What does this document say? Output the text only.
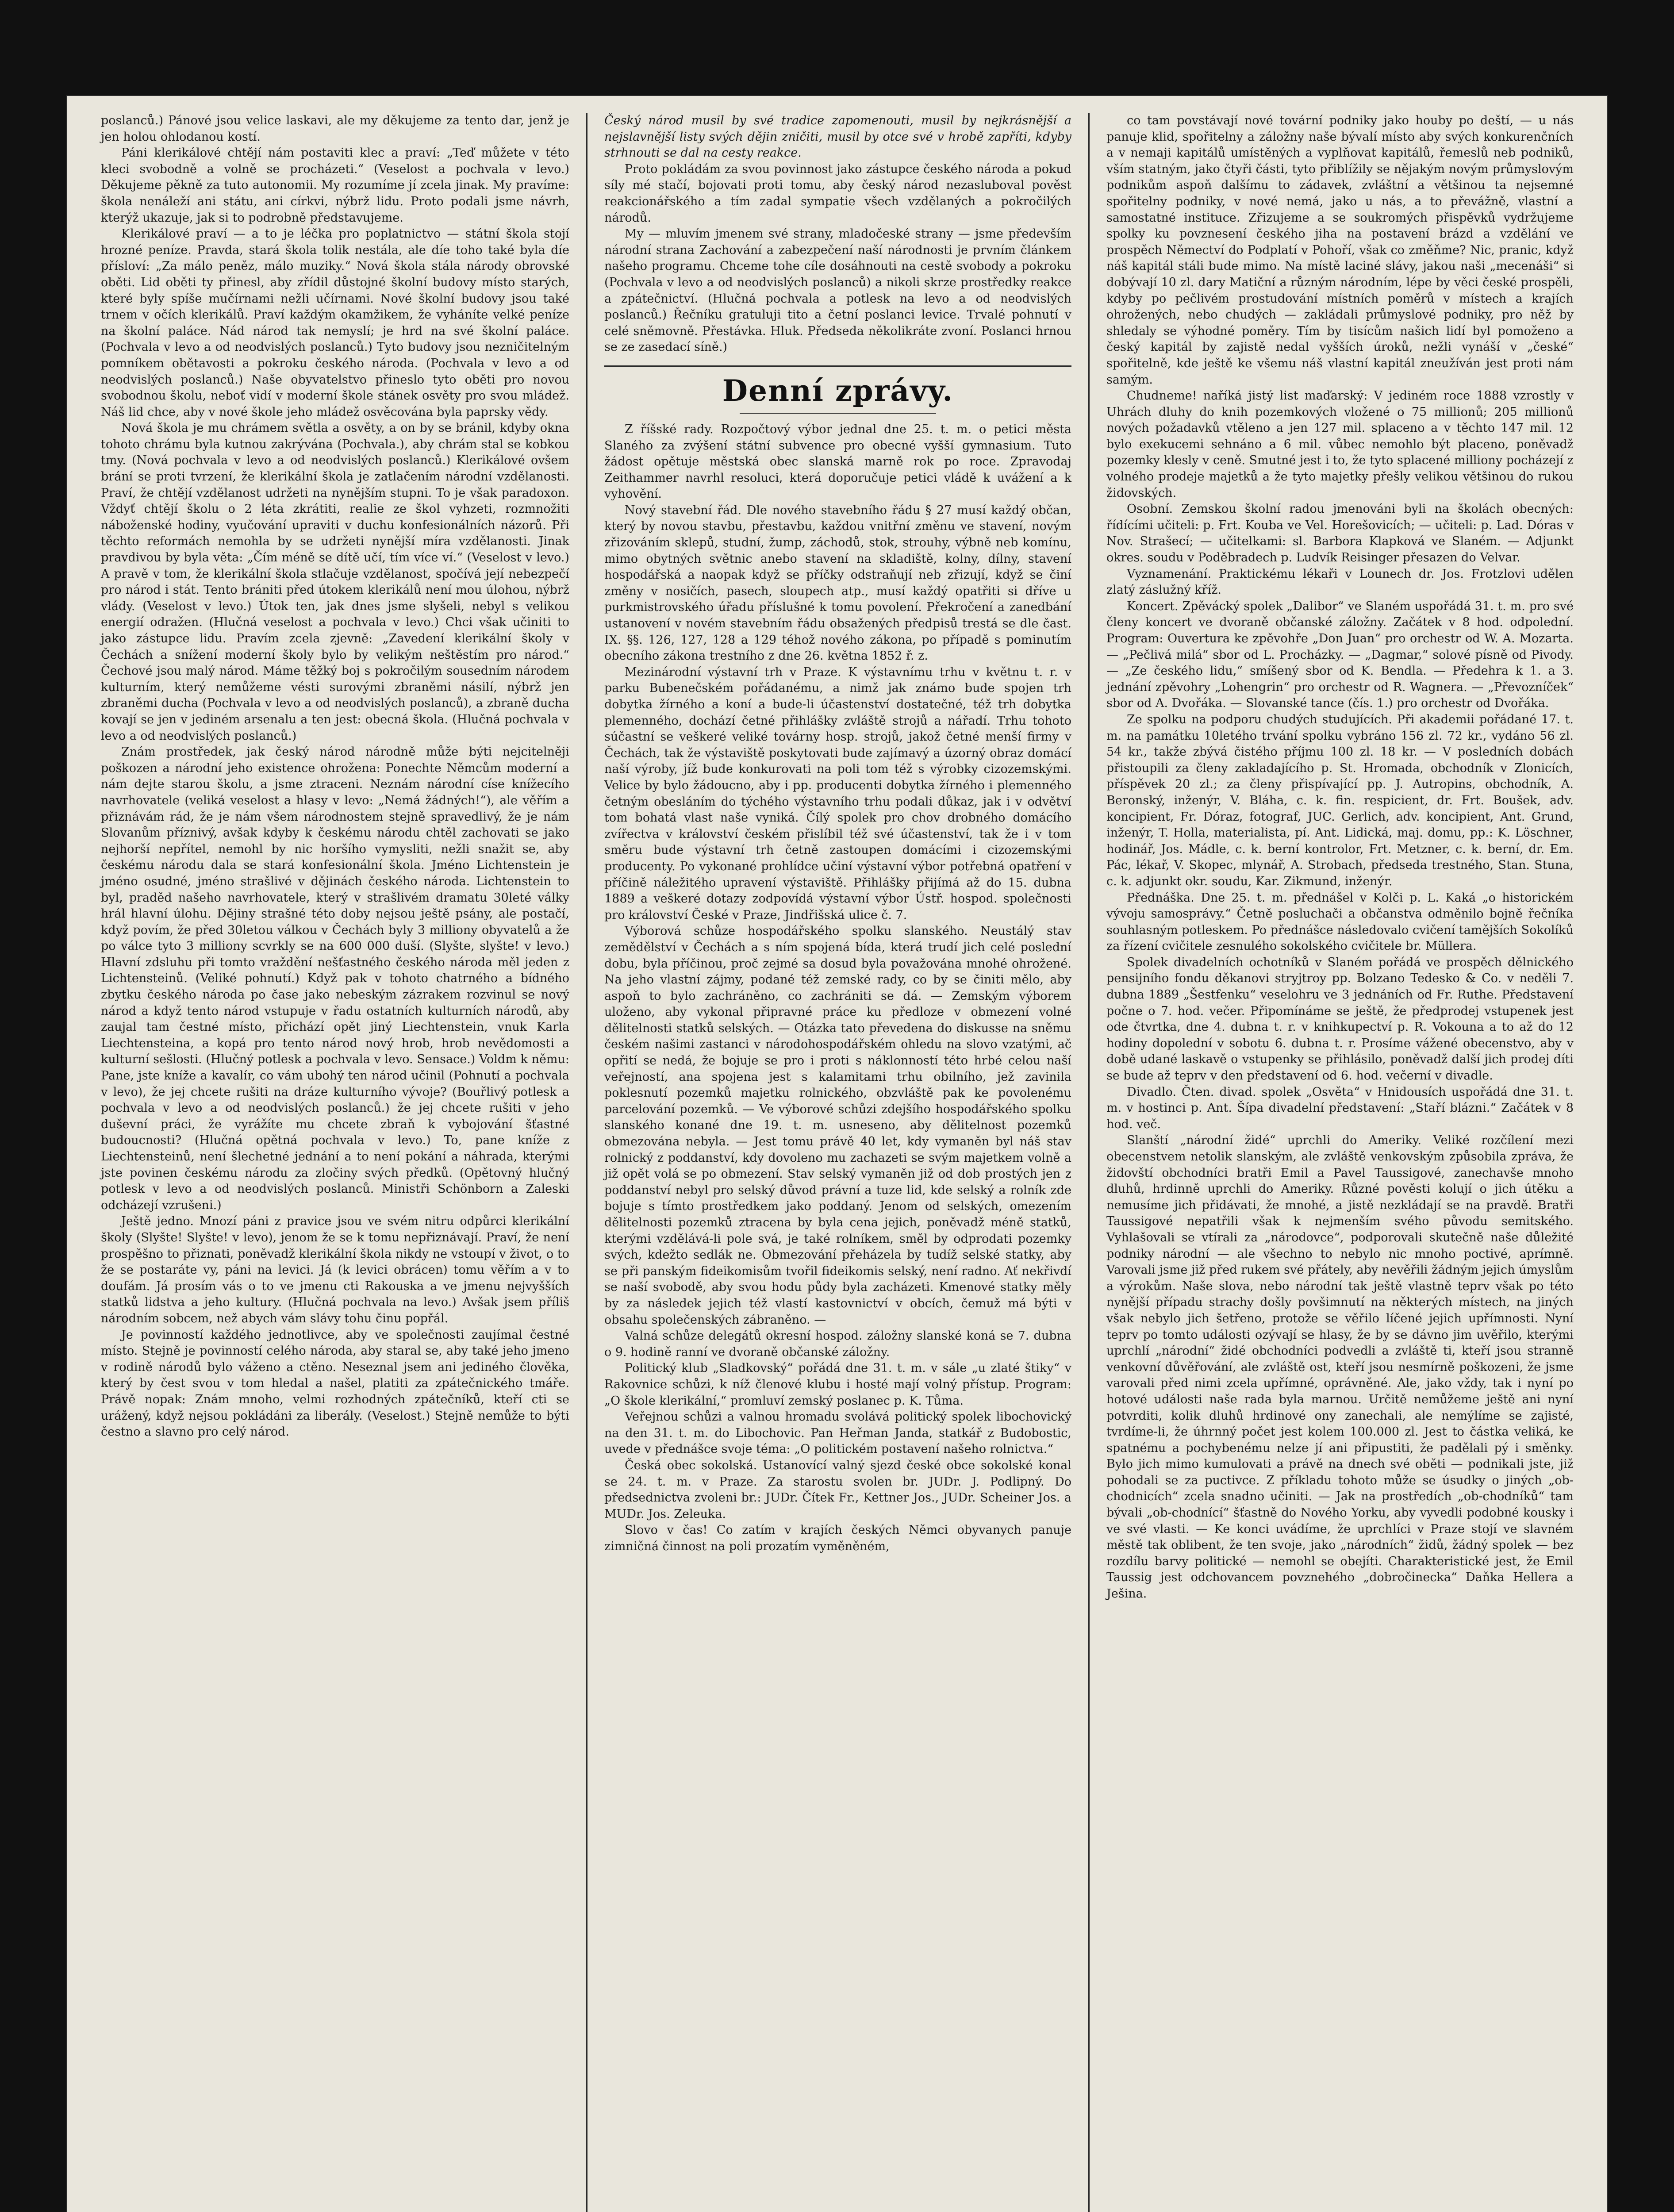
poslanců.) Pánové jsou velice laskavi, ale my děkujeme za tento dar, jenž je jen holou ohlodanou kostí.

Páni klerikálové chtějí nám postaviti klec a praví: „Teď můžete v této kleci svobodně a volně se procházeti.“ (Veselost a pochvala v levo.) Děkujeme pěkně za tuto autonomii. My rozumíme jí zcela jinak. My pravíme: škola nenáleží ani státu, ani církvi, nýbrž lidu. Proto podali jsme návrh, kterýž ukazuje, jak si to podrobně představujeme.

Klerikálové praví — a to je léčka pro poplatnictvo — státní škola stojí hrozné peníze. Pravda, stará škola tolik nestála, ale díe toho také byla díe přísloví: „Za málo peněz, málo muziky.“ Nová škola stála národy obrovské oběti. Lid oběti ty přinesl, aby zřídil důstojné školní budovy místo starých, které byly spíše mučírnami nežli učírnami. Nové školní budovy jsou také trnem v očích klerikálů. Praví každým okamžikem, že vyháníte velké peníze na školní paláce. Nád národ tak nemyslí; je hrd na své školní paláce. (Pochvala v levo a od neodvislých poslanců.) Tyto budovy jsou nezničitelným pomníkem obětavosti a pokroku českého národa. (Pochvala v levo a od neodvislých poslanců.) Naše obyvatelstvo přineslo tyto oběti pro novou svobodnou školu, neboť vidí v moderní škole stánek osvěty pro svou mládež. Náš lid chce, aby v nové škole jeho mládež osvěcována byla paprsky vědy.

Nová škola je mu chrámem světla a osvěty, a on by se bránil, kdyby okna tohoto chrámu byla kutnou zakrývána (Pochvala.), aby chrám stal se kobkou tmy. (Nová pochvala v levo a od neodvislých poslanců.) Klerikálové ovšem brání se proti tvrzení, že klerikální škola je zatlačením národní vzdělanosti. Praví, že chtějí vzdělanost udržeti na nynějším stupni. To je však paradoxon. Vždyť chtějí školu o 2 léta zkrátiti, realie ze škol vyhzeti, rozmnožiti náboženské hodiny, vyučování upraviti v duchu konfesionálních názorů. Při těchto reformách nemohla by se udržeti nynější míra vzdělanosti. Jinak pravdivou by byla věta: „Čím méně se dítě učí, tím více ví.“ (Veselost v levo.) A pravě v tom, že klerikální škola stlačuje vzdělanost, spočívá její nebezpečí pro národ i stát. Tento brániti před útokem klerikálů není mou úlohou, nýbrž vlády. (Veselost v levo.) Útok ten, jak dnes jsme slyšeli, nebyl s velikou energií odražen. (Hlučná veselost a pochvala v levo.) Chci však učiniti to jako zástupce lidu. Pravím zcela zjevně: „Zavedení klerikální školy v Čechách a snížení moderní školy bylo by velikým neštěstím pro národ.“ Čechové jsou malý národ. Máme těžký boj s pokročilým sousedním národem kulturním, který nemůžeme vésti surovými zbraněmi násilí, nýbrž jen zbraněmi ducha (Pochvala v levo a od neodvislých poslanců), a zbraně ducha kovají se jen v jediném arsenalu a ten jest: obecná škola. (Hlučná pochvala v levo a od neodvislých poslanců.)

Znám prostředek, jak český národ národně může býti nejcitelněji poškozen a národní jeho existence ohrožena: Ponechte Němcům moderní a nám dejte starou školu, a jsme ztraceni. Neznám národní císe knížecího navrhovatele (veliká veselost a hlasy v levo: „Nemá žádných!“), ale věřím a přiznávám rád, že je nám všem národnostem stejně spravedlivý, že je nám Slovanům příznivý, avšak kdyby k českému národu chtěl zachovati se jako nejhorší nepřítel, nemohl by nic horšího vymysliti, nežli snažit se, aby českému národu dala se stará konfesionální škola. Jméno Lichtenstein je jméno osudné, jméno strašlivé v dějinách českého národa. Lichtenstein to byl, praděd našeho navrhovatele, který v strašlivém dramatu 30leté války hrál hlavní úlohu. Dějiny strašné této doby nejsou ještě psány, ale postačí, když povím, že před 30letou válkou v Čechách byly 3 milliony obyvatelů a že po válce tyto 3 milliony scvrkly se na 600 000 duší. (Slyšte, slyšte! v levo.) Hlavní zdsluhu při tomto vraždění nešťastného českého národa měl jeden z Lichtensteinů. (Veliké pohnutí.) Když pak v tohoto chatrného a bídného zbytku českého národa po čase jako nebeským zázrakem rozvinul se nový národ a když tento národ vstupuje v řadu ostatních kulturních národů, aby zaujal tam čestné místo, přichází opět jiný Liechtenstein, vnuk Karla Liechtensteina, a kopá pro tento národ nový hrob, hrob nevědomosti a kulturní sešlosti. (Hlučný potlesk a pochvala v levo. Sensace.) Voldm k němu: Pane, jste kníže a kavalír, co vám ubohý ten národ učinil (Pohnutí a pochvala v levo), že jej chcete rušiti na dráze kulturního vývoje? (Bouřlivý potlesk a pochvala v levo a od neodvislých poslanců.) že jej chcete rušiti v jeho duševní práci, že vyrážíte mu chcete zbraň k vybojování šťastné budoucnosti? (Hlučná opětná pochvala v levo.) To, pane kníže z Liechtensteinů, není šlechetné jednání a to není pokání a náhrada, kterými jste povinen českému národu za zločiny svých předků. (Opětovný hlučný potlesk v levo a od neodvislých poslanců. Ministři Schönborn a Zaleski odcházejí vzrušeni.)

Ještě jedno. Mnozí páni z pravice jsou ve svém nitru odpůrci klerikální školy (Slyšte! Slyšte! v levo), jenom že se k tomu nepřiznávají. Praví, že není prospěšno to přiznati, poněvadž klerikální škola nikdy ne vstoupí v život, o to že se postaráte vy, páni na levici. Já (k levici obrácen) tomu věřím a v to doufám. Já prosím vás o to ve jmenu cti Rakouska a ve jmenu nejvyšších statků lidstva a jeho kultury. (Hlučná pochvala na levo.) Avšak jsem příliš národním sobcem, než abych vám slávy tohu činu popřál.

Je povinností každého jednotlivce, aby ve společnosti zaujímal čestné místo. Stejně je povinností celého národa, aby staral se, aby také jeho jmeno v rodině národů bylo váženo a ctěno. Neseznal jsem ani jediného člověka, který by čest svou v tom hledal a našel, platiti za zpátečnického tmáře. Právě nopak: Znám mnoho, velmi rozhodných zpátečníků, kteří cti se urážený, když nejsou pokládáni za liberály. (Veselost.) Stejně nemůže to býti čestno a slavno pro celý národ.

Český národ musil by své tradice zapomenouti, musil by nejkrásnější a nejslavnější listy svých dějin zničiti, musil by otce své v hrobě zapříti, kdyby strhnouti se dal na cesty reakce.

Proto pokládám za svou povinnost jako zástupce českého národa a pokud síly mé stačí, bojovati proti tomu, aby český národ nezasluboval pověst reakcionářského a tím zadal sympatie všech vzdělaných a pokročilých národů.

My — mluvím jmenem své strany, mladočeské strany — jsme především národní strana Zachování a zabezpečení naší národnosti je prvním článkem našeho programu. Chceme tohe cíle dosáhnouti na cestě svobody a pokroku (Pochvala v levo a od neodvislých poslanců) a nikoli skrze prostředky reakce a zpátečnictví. (Hlučná pochvala a potlesk na levo a od neodvislých poslanců.) Řečníku gratuluji tito a četní poslanci levice. Trvalé pohnutí v celé sněmovně. Přestávka. Hluk. Předseda několikráte zvoní. Poslanci hrnou se ze zasedací síně.)

Denní zprávy.

Z říšské rady. Rozpočtový výbor jednal dne 25. t. m. o petici města Slaného za zvýšení státní subvence pro obecné vyšší gymnasium. Tuto žádost opětuje městská obec slanská marně rok po roce. Zpravodaj Zeithammer navrhl resoluci, která doporučuje petici vládě k uvážení a k vyhovění.

Nový stavební řád. Dle nového stavebního řádu § 27 musí každý občan, který by novou stavbu, přestavbu, každou vnitřní změnu ve stavení, novým zřizováním sklepů, studní, žump, záchodů, stok, strouhy, výbně neb komínu, mimo obytných světnic anebo stavení na skladiště, kolny, dílny, stavení hospodářská a naopak když se příčky odstraňují neb zřizují, když se činí změny v nosičích, pasech, sloupech atp., musí každý opatřiti si dříve u purkmistrovského úřadu příslušné k tomu povolení. Překročení a zanedbání ustanovení v novém stavebním řádu obsažených předpisů trestá se dle čast. IX. §§. 126, 127, 128 a 129 téhož nového zákona, po případě s pominutím obecního zákona trestního z dne 26. května 1852 ř. z.

Mezinárodní výstavní trh v Praze. K výstavnímu trhu v květnu t. r. v parku Bubenečském pořádanému, a nimž jak známo bude spojen trh dobytka žírného a koní a bude-li účastenství dostatečné, též trh dobytka plemenného, dochází četné přihlášky zvláště strojů a nářadí. Trhu tohoto súčastní se veškeré veliké továrny hosp. strojů, jakož četné menší firmy v Čechách, tak že výstaviště poskytovati bude zajímavý a úzorný obraz domácí naší výroby, jíž bude konkurovati na poli tom též s výrobky cizozemskými. Velice by bylo žádoucno, aby i pp. producenti dobytka žírného i plemenného četným obesláním do týchého výstavního trhu podali důkaz, jak i v odvětví tom bohatá vlast naše vyniká. Čílý spolek pro chov drobného domácího zvířectva v království českém přislíbil též své účastenství, tak že i v tom směru bude výstavní trh četně zastoupen domácími i cizozemskými producenty. Po vykonané prohlídce učiní výstavní výbor potřebná opatření v příčině náležitého upravení výstaviště. Přihlášky přijímá až do 15. dubna 1889 a veškeré dotazy zodpovídá výstavní výbor Ústř. hospod. společnosti pro království České v Praze, Jindřišská ulice č. 7.

Výborová schůze hospodářského spolku slanského. Neustálý stav zemědělství v Čechách a s ním spojená bída, která trudí jich celé poslední dobu, byla příčinou, proč zejmé sa dosud byla považována mnohé ohrožené. Na jeho vlastní zájmy, podané též zemské rady, co by se činiti mělo, aby aspoň to bylo zachráněno, co zachrániti se dá. — Zemským výborem uloženo, aby vykonal připravné práce ku předloze v obmezení volné dělitelnosti statků selských. — Otázka tato převedena do diskusse na sněmu českém našimi zastanci v národohospodářském ohledu na slovo vzatými, ač opřití se nedá, že bojuje se pro i proti s náklonností této hrbé celou naší veřejností, ana spojena jest s kalamitami trhu obilního, jež zavinila poklesnutí pozemků majetku rolnického, obzvláště pak ke povolenému parcelování pozemků. — Ve výborové schůzi zdejšího hospodářského spolku slanského konané dne 19. t. m. usneseno, aby dělitelnost pozemků obmezována nebyla. — Jest tomu právě 40 let, kdy vymaněn byl náš stav rolnický z poddanství, kdy dovoleno mu zachazeti se svým majetkem volně a již opět volá se po obmezení. Stav selský vymaněn již od dob prostých jen z poddanství nebyl pro selský důvod právní a tuze lid, kde selský a rolník zde bojuje s tímto prostředkem jako poddaný. Jenom od selských, omezením dělitelnosti pozemků ztracena by byla cena jejich, poněvadž méně statků, kterými vzdělává-li pole svá, je také rolníkem, směl by odprodati pozemky svých, kdežto sedlák ne. Obmezování přeházela by tudíž selské statky, aby se při panským fideikomisům tvořil fideikomis selský, není radno. Ať nekřivdí se naší svobodě, aby svou hodu půdy byla zacházeti. Kmenové statky měly by za následek jejich též vlastí kastovnictví v obcích, čemuž má býti v obsahu společenských zábraněno. —

Valná schůze delegátů okresní hospod. záložny slanské koná se 7. dubna o 9. hodině ranní ve dvoraně občanské záložny.

Politický klub „Sladkovský“ pořádá dne 31. t. m. v sále „u zlaté štiky“ v Rakovnice schůzi, k níž členové klubu i hosté mají volný přístup. Program: „O škole klerikální,“ promluví zemský poslanec p. K. Tůma.

Veřejnou schůzi a valnou hromadu svolává politický spolek libochovický na den 31. t. m. do Libochovic. Pan Heřman Janda, statkář z Budobostic, uvede v přednášce svoje téma: „O politickém postavení našeho rolnictva.“

Česká obec sokolská. Ustanovící valný sjezd české obce sokolské konal se 24. t. m. v Praze. Za starostu svolen br. JUDr. J. Podlipný. Do předsednictva zvoleni br.: JUDr. Čítek Fr., Kettner Jos., JUDr. Scheiner Jos. a MUDr. Jos. Zeleuka.

Slovo v čas! Co zatím v krajích českých Němci obyvanych panuje zimničná činnost na poli prozatím vyměněném,

co tam povstávají nové tovární podniky jako houby po deští, — u nás panuje klid, spořitelny a záložny naše bývalí místo aby svých konkurenčních a v nemaji kapitálů umístěných a vyplňovat kapitálů, řemeslů neb podniků, vším statným, jako čtyři části, tyto přiblížily se nějakým novým průmyslovým podnikům aspoň dalšímu to zádavek, zvláštní a většinou ta nejsemné spořitelny podniky, v nové nemá, jako u nás, a to převážně, vlastní a samostatné instituce. Zřizujeme a se soukromých přispěvků vydržujeme spolky ku povznesení českého jiha na postavení brázd a vzdělání ve prospěch Němectví do Podplatí v Pohoří, však co změňme? Nic, pranic, když náš kapitál stáli bude mimo. Na místě laciné slávy, jakou naši „mecenáši“ si dobývají 10 zl. dary Matiční a různým národním, lépe by věci české prospěli, kdyby po pečlivém prostudování místních poměrů v místech a krajích ohrožených, nebo chudých — zakládali průmyslové podniky, pro něž by shledaly se výhodné poměry. Tím by tisícům našich lidí byl pomoženo a český kapitál by zajistě nedal vyšších úroků, nežli vynáší v „české“ spořitelně, kde ještě ke všemu náš vlastní kapitál zneužíván jest proti nám samým.

Chudneme! naříká jistý list maďarský: V jediném roce 1888 vzrostly v Uhrách dluhy do knih pozemkových vložené o 75 millionů; 205 millionů nových požadavků vtěleno a jen 127 mil. splaceno a v těchto 147 mil. 12 bylo exekucemi sehnáno a 6 mil. vůbec nemohlo být placeno, poněvadž pozemky klesly v ceně. Smutné jest i to, že tyto splacené milliony pocházejí z volného prodeje majetků a že tyto majetky přešly velikou většinou do rukou židovských.

Osobní. Zemskou školní radou jmenováni byli na školách obecných: řídícími učiteli: p. Frt. Kouba ve Vel. Horešovicích; — učiteli: p. Lad. Dóras v Nov. Strašecí; — učitelkami: sl. Barbora Klapková ve Slaném. — Adjunkt okres. soudu v Poděbradech p. Ludvík Reisinger přesazen do Velvar.

Vyznamenání. Praktickému lékaři v Lounech dr. Jos. Frotzlovi udělen zlatý záslužný kříž.

Koncert. Zpěvácký spolek „Dalibor“ ve Slaném uspořádá 31. t. m. pro své členy koncert ve dvoraně občanské záložny. Začátek v 8 hod. odpolední. Program: Ouvertura ke zpěvohře „Don Juan“ pro orchestr od W. A. Mozarta. — „Pečlivá milá“ sbor od L. Procházky. — „Dagmar,“ solové písně od Pivody. — „Ze českého lidu,“ smíšený sbor od K. Bendla. — Předehra k 1. a 3. jednání zpěvohry „Lohengrin“ pro orchestr od R. Wagnera. — „Převozníček“ sbor od A. Dvořáka. — Slovanské tance (čís. 1.) pro orchestr od Dvořáka.

Ze spolku na podporu chudých studujících. Při akademii pořádané 17. t. m. na památku 10letého trvání spolku vybráno 156 zl. 72 kr., vydáno 56 zl. 54 kr., takže zbývá čistého příjmu 100 zl. 18 kr. — V posledních dobách přistoupili za členy zakladajícího p. St. Hromada, obchodník v Zlonicích, příspěvek 20 zl.; za členy přispívající pp. J. Autropins, obchodník, A. Beronský, inženýr, V. Bláha, c. k. fin. respicient, dr. Frt. Boušek, adv. koncipient, Fr. Dóraz, fotograf, JUC. Gerlich, adv. koncipient, Ant. Grund, inženýr, T. Holla, materialista, pí. Ant. Lidická, maj. domu, pp.: K. Löschner, hodinář, Jos. Mádle, c. k. berní kontrolor, Frt. Metzner, c. k. berní, dr. Em. Pác, lékař, V. Skopec, mlynář, A. Strobach, předseda trestného, Stan. Stuna, c. k. adjunkt okr. soudu, Kar. Zikmund, inženýr.

Přednáška. Dne 25. t. m. přednášel v Kolči p. L. Kaká „o historickém vývoju samosprávy.“ Četně posluchači a občanstva odměnilo bojně řečníka souhlasným potleskem. Po přednášce následovalo cvičení tamějších Sokolíků za řízení cvičitele zesnulého sokolského cvičitele br. Müllera.

Spolek divadelních ochotníků v Slaném pořádá ve prospěch dělnického pensijního fondu děkanovi stryjtroy pp. Bolzano Tedesko & Co. v neděli 7. dubna 1889 „Šestfenku“ veselohru ve 3 jednáních od Fr. Ruthe. Představení počne o 7. hod. večer. Připomínáme se ještě, že předprodej vstupenek jest ode čtvrtka, dne 4. dubna t. r. v knihkupectví p. R. Vokouna a to až do 12 hodiny dopolední v sobotu 6. dubna t. r. Prosíme vážené obecenstvo, aby v době udané laskavě o vstupenky se přihlásilo, poněvadž další jich prodej díti se bude až teprv v den představení od 6. hod. večerní v divadle.

Divadlo. Čten. divad. spolek „Osvěta“ v Hnidousích uspořádá dne 31. t. m. v hostinci p. Ant. Šípa divadelní představení: „Staří blázni.“ Začátek v 8 hod. več.

Slanští „národní židé“ uprchli do Ameriky. Veliké rozčílení mezi obecenstvem netolik slanským, ale zvláště venkovským způsobila zpráva, že židovští obchodníci bratři Emil a Pavel Taussigové, zanechavše mnoho dluhů, hrdinně uprchli do Ameriky. Různé pověsti kolují o jich útěku a nemusíme jich přidávati, že mnohé, a jistě nezkládají se na pravdě. Bratři Taussigové nepatřili však k nejmenším svého původu semitského. Vyhlašovali se vtírali za „národovce“, podporovali skutečně naše důležité podniky národní — ale všechno to nebylo nic mnoho poctivé, aprímně. Varovali jsme již před rukem své přátely, aby nevěřili žádným jejich úmyslům a výrokům. Naše slova, nebo národní tak ještě vlastně teprv však po této nynější případu strachy došly povšimnutí na některých místech, na jiných však nebylo jich šetřeno, protože se věřilo líčené jejich upřímnosti. Nyní teprv po tomto události ozývají se hlasy, že by se dávno jim uvěřilo, kterými uprchlí „národní“ židé obchodníci podvedli a zvláště ti, kteří jsou stranně venkovní důvěřování, ale zvláště ost, kteří jsou nesmírně poškozeni, že jsme varovali před nimi zcela upřímné, oprávněné. Ale, jako vždy, tak i nyní po hotové události naše rada byla marnou. Určitě nemůžeme ještě ani nyní potvrditi, kolik dluhů hrdinové ony zanechali, ale nemýlíme se zajisté, tvrdíme-li, že úhrnný počet jest kolem 100.000 zl. Jest to částka veliká, ke spatnému a pochybenému nelze jí ani připustiti, že padělali pý i směnky. Bylo jich mimo kumulovati a právě na dnech své oběti — podnikali jste, již pohodali se za puctivce. Z příkladu tohoto může se úsudky o jiných „ob-chodnicích“ zcela snadno učiniti. — Jak na prostředích „ob-chodníků“ tam bývali „ob-chodnící“ šťastně do Nového Yorku, aby vyvedli podobné kousky i ve své vlasti. — Ke konci uvádíme, že uprchlíci v Praze stojí ve slavném městě tak oblibent, že ten svoje, jako „národních“ židů, žádný spolek — bez rozdílu barvy politické — nemohl se obejíti. Charakteristické jest, že Emil Taussig jest odchovancem povznehého „dobročinecka“ Daňka Hellera a Ješina.
